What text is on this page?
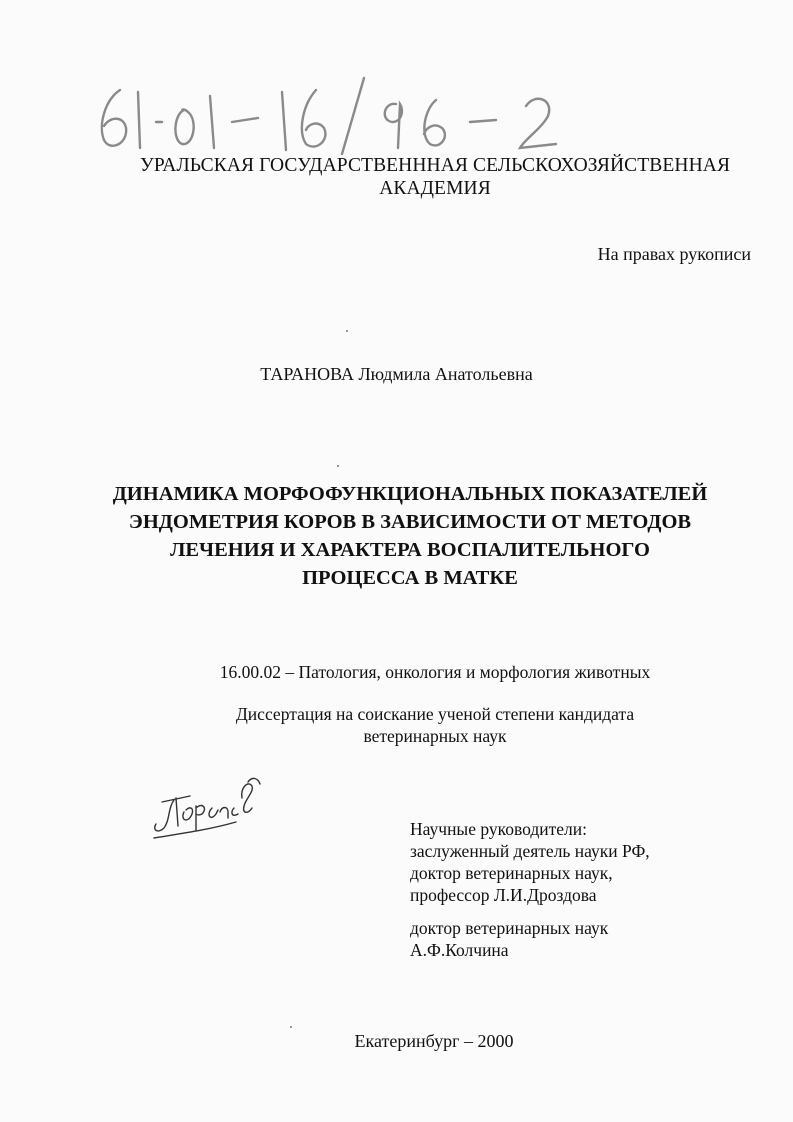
УРАЛЬСКАЯ ГОСУДАРСТВЕНННАЯ СЕЛЬСКОХОЗЯЙСТВЕННАЯ
АКАДЕМИЯ
На правах рукописи
ТАРАНОВА Людмила Анатольевна
ДИНАМИКА МОРФОФУНКЦИОНАЛЬНЫХ ПОКАЗАТЕЛЕЙ
ЭНДОМЕТРИЯ КОРОВ В ЗАВИСИМОСТИ ОТ МЕТОДОВ
ЛЕЧЕНИЯ И ХАРАКТЕРА ВОСПАЛИТЕЛЬНОГО
ПРОЦЕССА В МАТКЕ
16.00.02 – Патология, онкология и морфология животных
Диссертация на соискание ученой степени кандидата
ветеринарных наук
Научные руководители:
заслуженный деятель науки РФ,
доктор ветеринарных наук,
профессор Л.И.Дроздова
доктор ветеринарных наук
А.Ф.Колчина
Екатеринбург – 2000
